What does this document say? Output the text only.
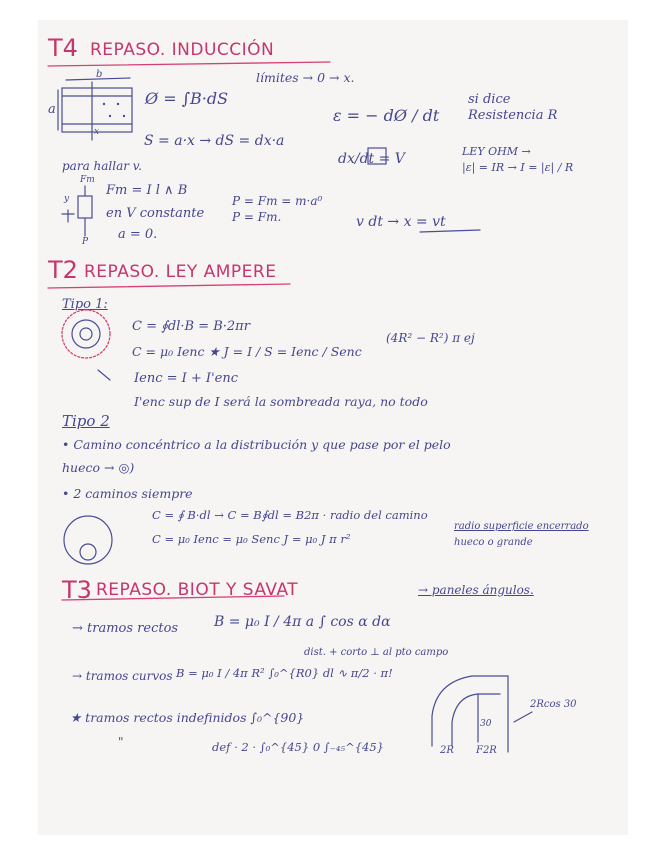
T4 REPASO. INDUCCIÓN
límites → 0 → x.
Ø = ∫B·dS
S = a·x → dS = dx·a
ε = − dØ / dt
si dice Resistencia R
LEY OHM →
|ε| = IR → I = |ε| / R
dx/dt = V
para hallar v.
Fm = I l ∧ B
en V constante
a = 0.
P = Fm = m·a⁰
P = Fm.	v dt → x = vt
b
a
x
Fm
P
y
T2 REPASO. LEY AMPERE
Tipo 1:
C = ∮dl·B = B·2πr
C = μ₀ Ienc ★ J = I / S = Ienc / Senc
(4R² − R²) π ej
Ienc = I + I'enc
I'enc sup de I será la sombreada raya, no todo
Tipo 2
• Camino concéntrico a la distribución y que pase por el pelo
hueco → ◎)
• 2 caminos siempre
C = ∮ B·dl → C = B∮dl = B2π · radio del camino
C = μ₀ Ienc = μ₀ Senc J = μ₀ J π r²
radio superficie encerrado
hueco o grande
T3 REPASO. BIOT Y SAVAT
→ tramos rectos	B = μ₀ I / 4π a ∫ cos α dα
→ paneles ángulos.
dist. + corto ⊥ al pto campo
→ tramos curvos B = μ₀ I / 4π R² ∫₀^{R0} dl ∿ π/2 · π!
★ tramos rectos indefinidos ∫₀^{90}
def · 2 · ∫₀^{45} 0 ∫₋₄₅^{45}
"
2Rcos 30
2R F2R
30
